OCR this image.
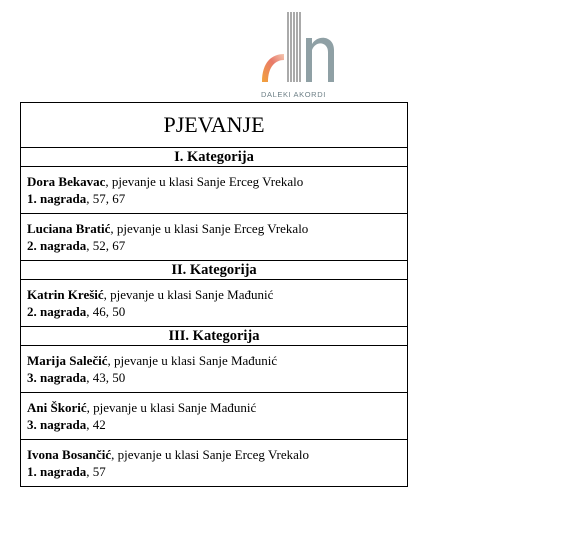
DALEKI AKORDI
PJEVANJE
I. Kategorija
Dora Bekavac, pjevanje u klasi Sanje Erceg Vrekalo
1. nagrada, 57, 67
Luciana Bratić, pjevanje u klasi Sanje Erceg Vrekalo
2. nagrada, 52, 67
II. Kategorija
Katrin Krešić, pjevanje u klasi Sanje Mađunić
2. nagrada, 46, 50
III. Kategorija
Marija Salečić, pjevanje u klasi Sanje Mađunić
3. nagrada, 43, 50
Ani Škorić, pjevanje u klasi Sanje Mađunić
3. nagrada, 42
Ivona Bosančić, pjevanje u klasi Sanje Erceg Vrekalo
1. nagrada, 57
